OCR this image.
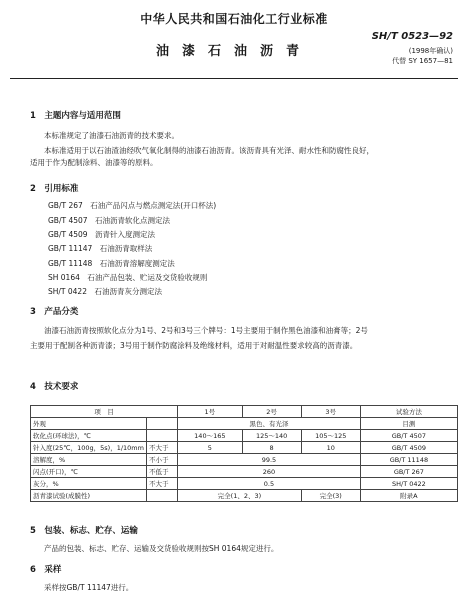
中华人民共和国石油化工行业标准
油漆石油沥青
SH/T 0523—92
(1998年确认)
代替 SY 1657—81
1　主题内容与适用范围
本标准规定了油漆石油沥青的技术要求。
本标准适用于以石油渣油经吹气氧化制得的油漆石油沥青。该沥青具有光泽、耐水性和防腐性良好，
适用于作为配制涂料、油漆等的原料。
2　引用标准
GB/T 267　石油产品闪点与燃点测定法(开口杯法)
GB/T 4507　石油沥青软化点测定法
GB/T 4509　沥青针入度测定法
GB/T 11147　石油沥青取样法
GB/T 11148　石油沥青溶解度测定法
SH 0164　石油产品包装、贮运及交货验收规则
SH/T 0422　石油沥青灰分测定法
3　产品分类
油漆石油沥青按照软化点分为1号、2号和3号三个牌号：1号主要用于制作黑色油漆和油膏等；2号
主要用于配制各种沥青漆；3号用于制作防腐涂料及绝缘材料，适用于对耐温性要求较高的沥青漆。
4　技术要求
项　目		1号	2号	3号	试验方法
外观		黑色、有光泽			目测
软化点(环球法)，℃		140～165	125～140	105～125	GB/T 4507
针入度(25℃，100g，5s)，1/10mm	不大于	5	8	10	GB/T 4509
溶解度，%	不小于	99.5			GB/T 11148
闪点(开口)，℃	不低于	260			GB/T 267
灰分，%	不大于	0.5			SH/T 0422
沥青漆试验(成膜性)		完全(1、2、3)		完全(3)	附录A
5　包装、标志、贮存、运输
产品的包装、标志、贮存、运输及交货验收规则按SH 0164规定进行。
6　采样
采样按GB/T 11147进行。
